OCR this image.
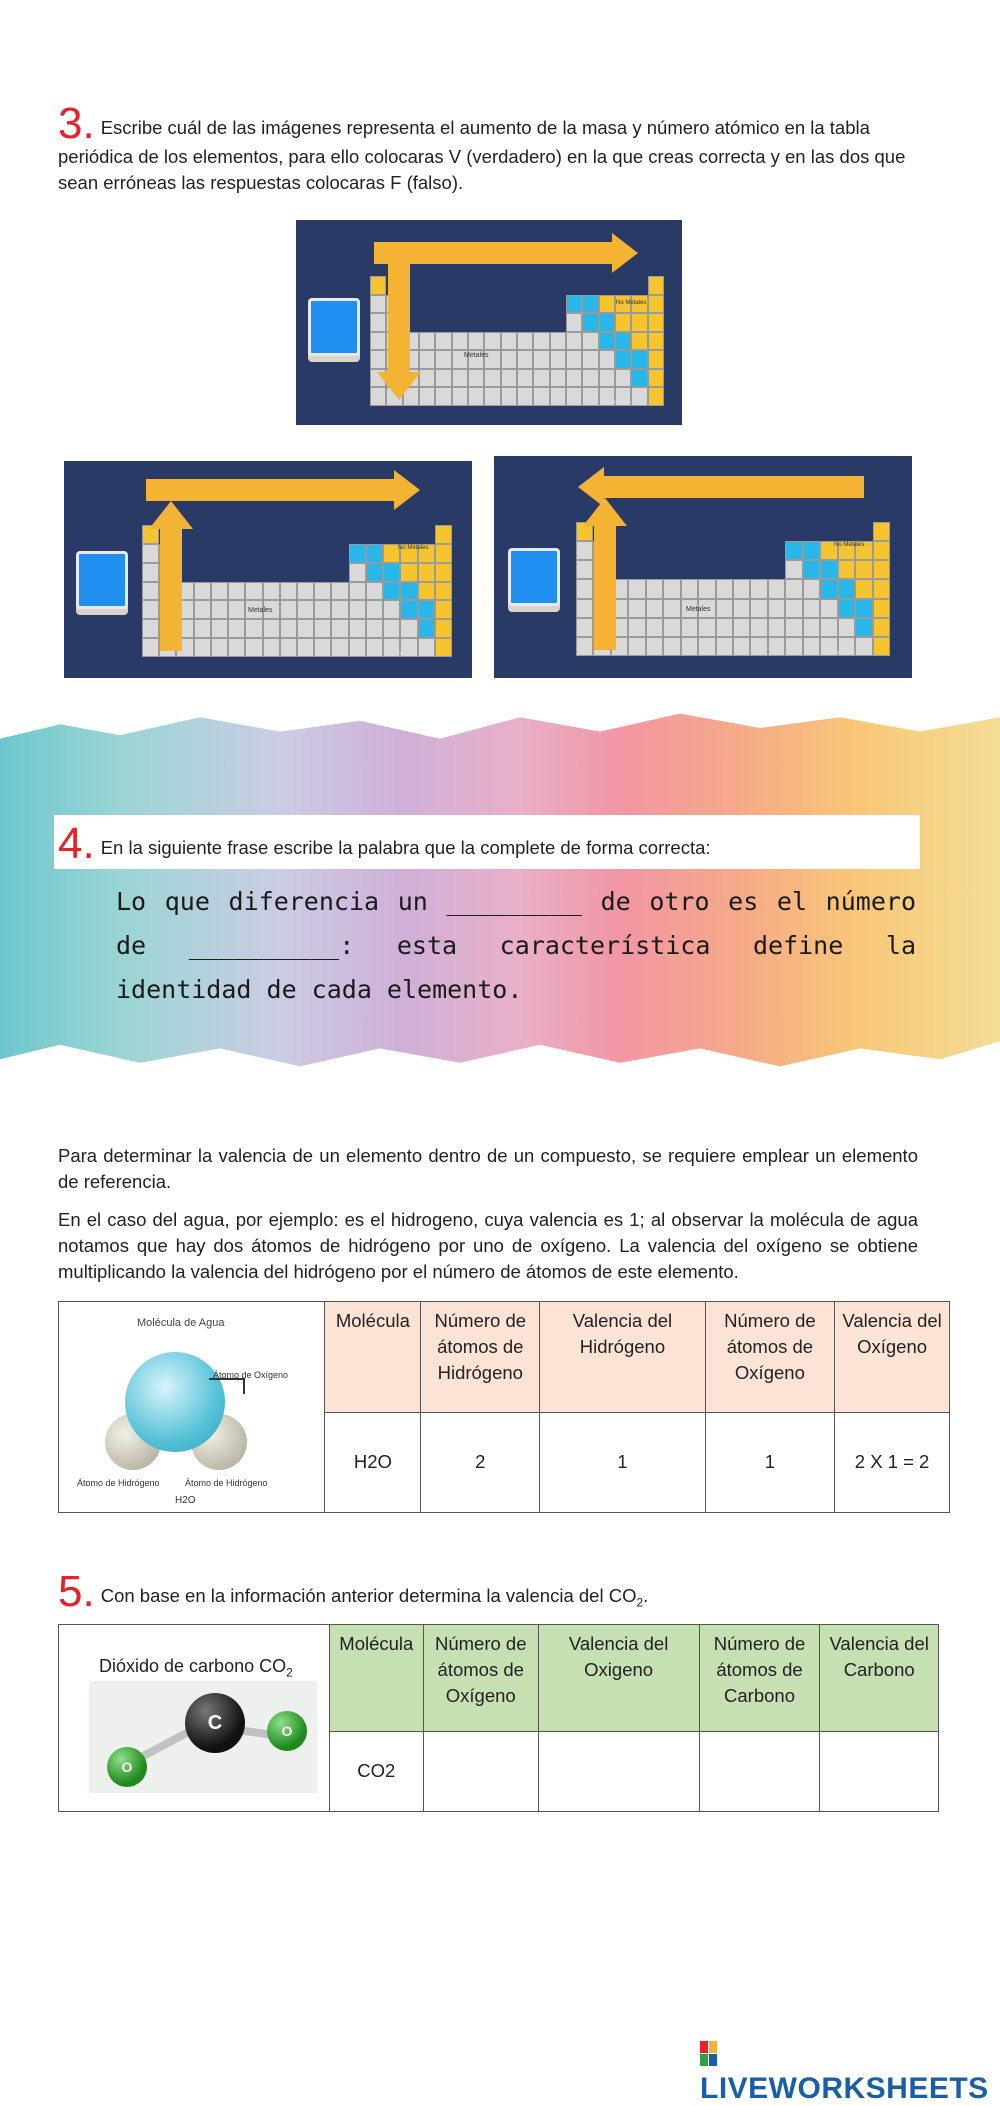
3. Escribe cuál de las imágenes representa el aumento de la masa y número atómico en la tabla periódica de los elementos, para ello colocaras V (verdadero) en la que creas correcta y en las dos que sean erróneas las respuestas colocaras F (falso).
Metales
No Metales
Metaloides
Metales
No Metales
Metaloides
Metales
No Metales
Metaloides
4. En la siguiente frase escribe la palabra que la complete de forma correcta:
Lo que diferencia un _________ de otro es el número de __________: esta característica define la identidad de cada elemento.
Para determinar la valencia de un elemento dentro de un compuesto, se requiere emplear un elemento de referencia.
En el caso del agua, por ejemplo: es el hidrogeno, cuya valencia es 1; al observar la molécula de agua notamos que hay dos átomos de hidrógeno por uno de oxígeno. La valencia del oxígeno se obtiene multiplicando la valencia del hidrógeno por el número de átomos de este elemento.
Molécula de Agua
Átomo de Oxígeno
Átomo de Hidrógeno Átomo de Hidrógeno
H2O	Molécula	Número de átomos de Hidrógeno	Valencia del Hidrógeno	Número de átomos de Oxígeno	Valencia del Oxígeno
	H2O	2	1	1	2 X 1 = 2
5. Con base en la información anterior determina la valencia del $CO_2$.
Dióxido de carbono $CO_2$
C
O
O	Molécula	Número de átomos de Oxígeno	Valencia del Oxigeno	Número de átomos de Carbono	Valencia del Carbono
	CO2				
LIVEWORKSHEETS
